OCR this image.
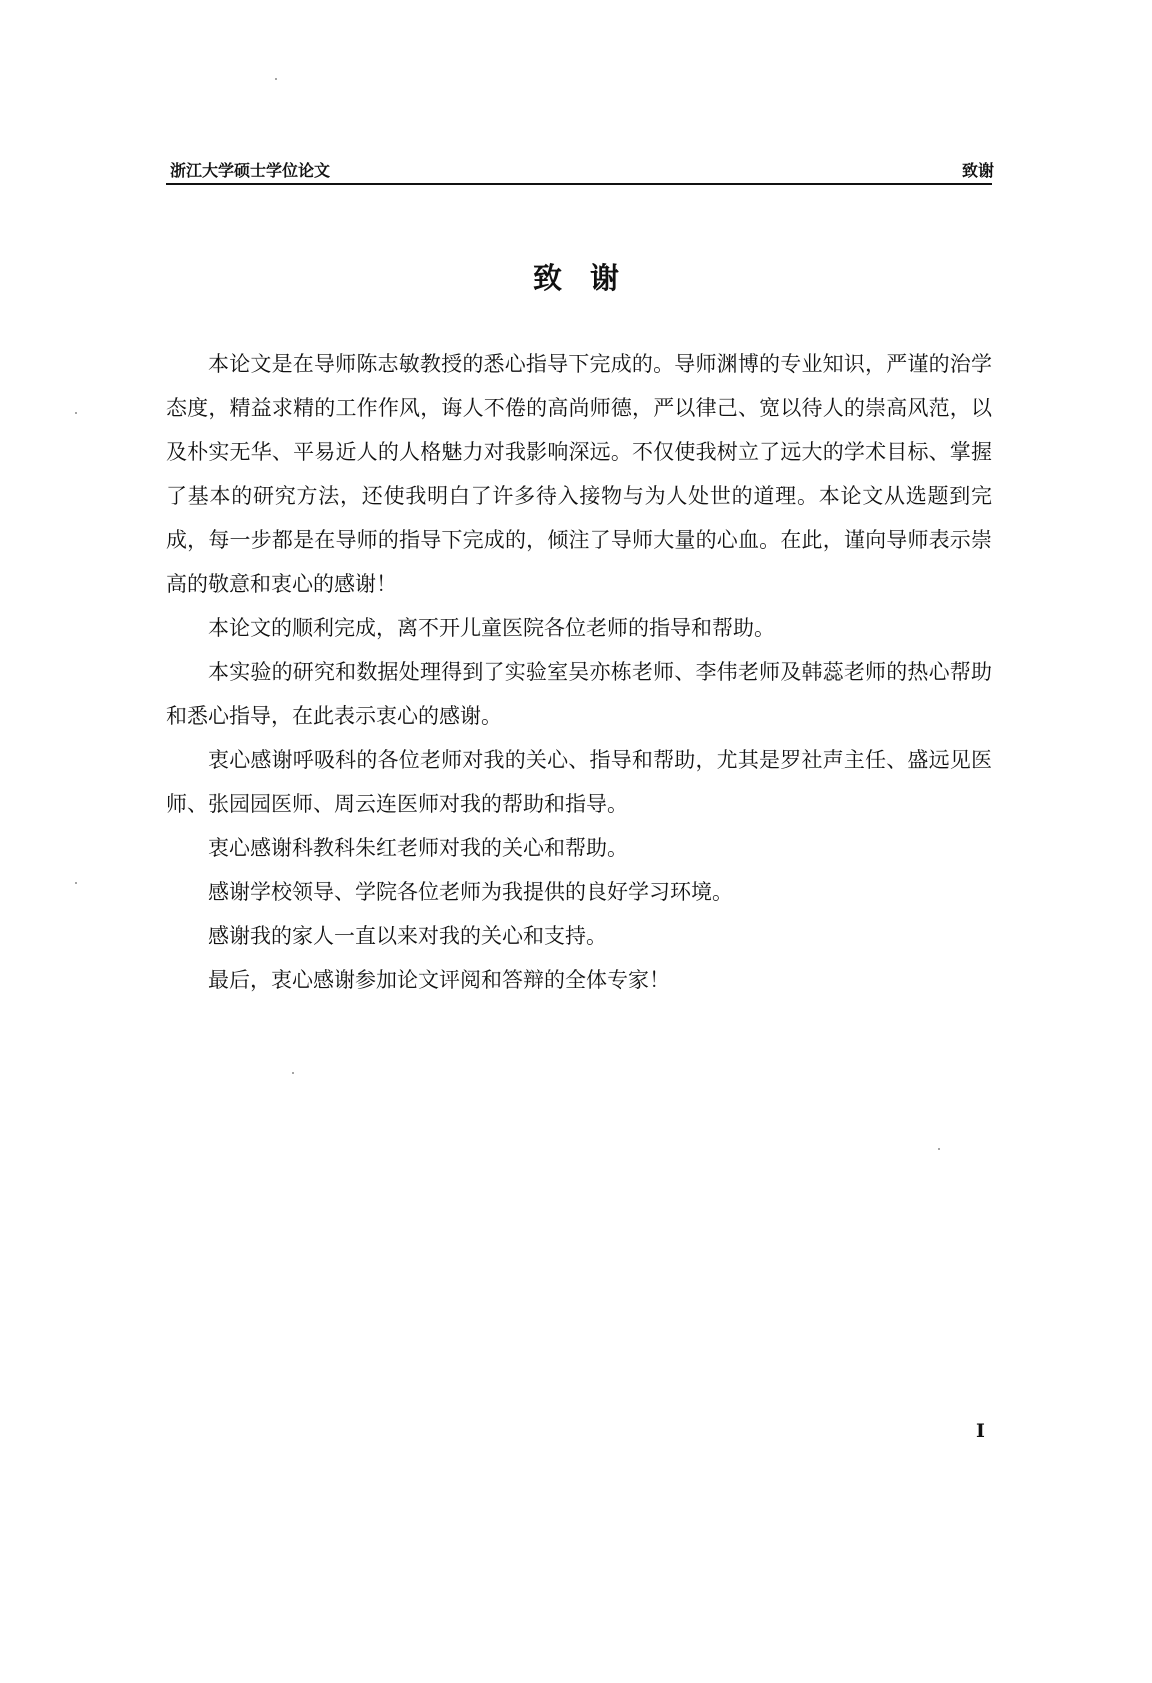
浙江大学硕士学位论文	致谢
致谢

本论文是在导师陈志敏教授的悉心指导下完成的。导师渊博的专业知识，严谨的治学态度，精益求精的工作作风，诲人不倦的高尚师德，严以律己、宽以待人的崇高风范，以及朴实无华、平易近人的人格魅力对我影响深远。不仅使我树立了远大的学术目标、掌握了基本的研究方法，还使我明白了许多待入接物与为人处世的道理。本论文从选题到完成，每一步都是在导师的指导下完成的，倾注了导师大量的心血。在此，谨向导师表示崇高的敬意和衷心的感谢！

本论文的顺利完成，离不开儿童医院各位老师的指导和帮助。

本实验的研究和数据处理得到了实验室吴亦栋老师、李伟老师及韩蕊老师的热心帮助和悉心指导，在此表示衷心的感谢。

衷心感谢呼吸科的各位老师对我的关心、指导和帮助，尤其是罗社声主任、盛远见医师、张园园医师、周云连医师对我的帮助和指导。

衷心感谢科教科朱红老师对我的关心和帮助。

感谢学校领导、学院各位老师为我提供的良好学习环境。

感谢我的家人一直以来对我的关心和支持。

最后，衷心感谢参加论文评阅和答辩的全体专家！

I
